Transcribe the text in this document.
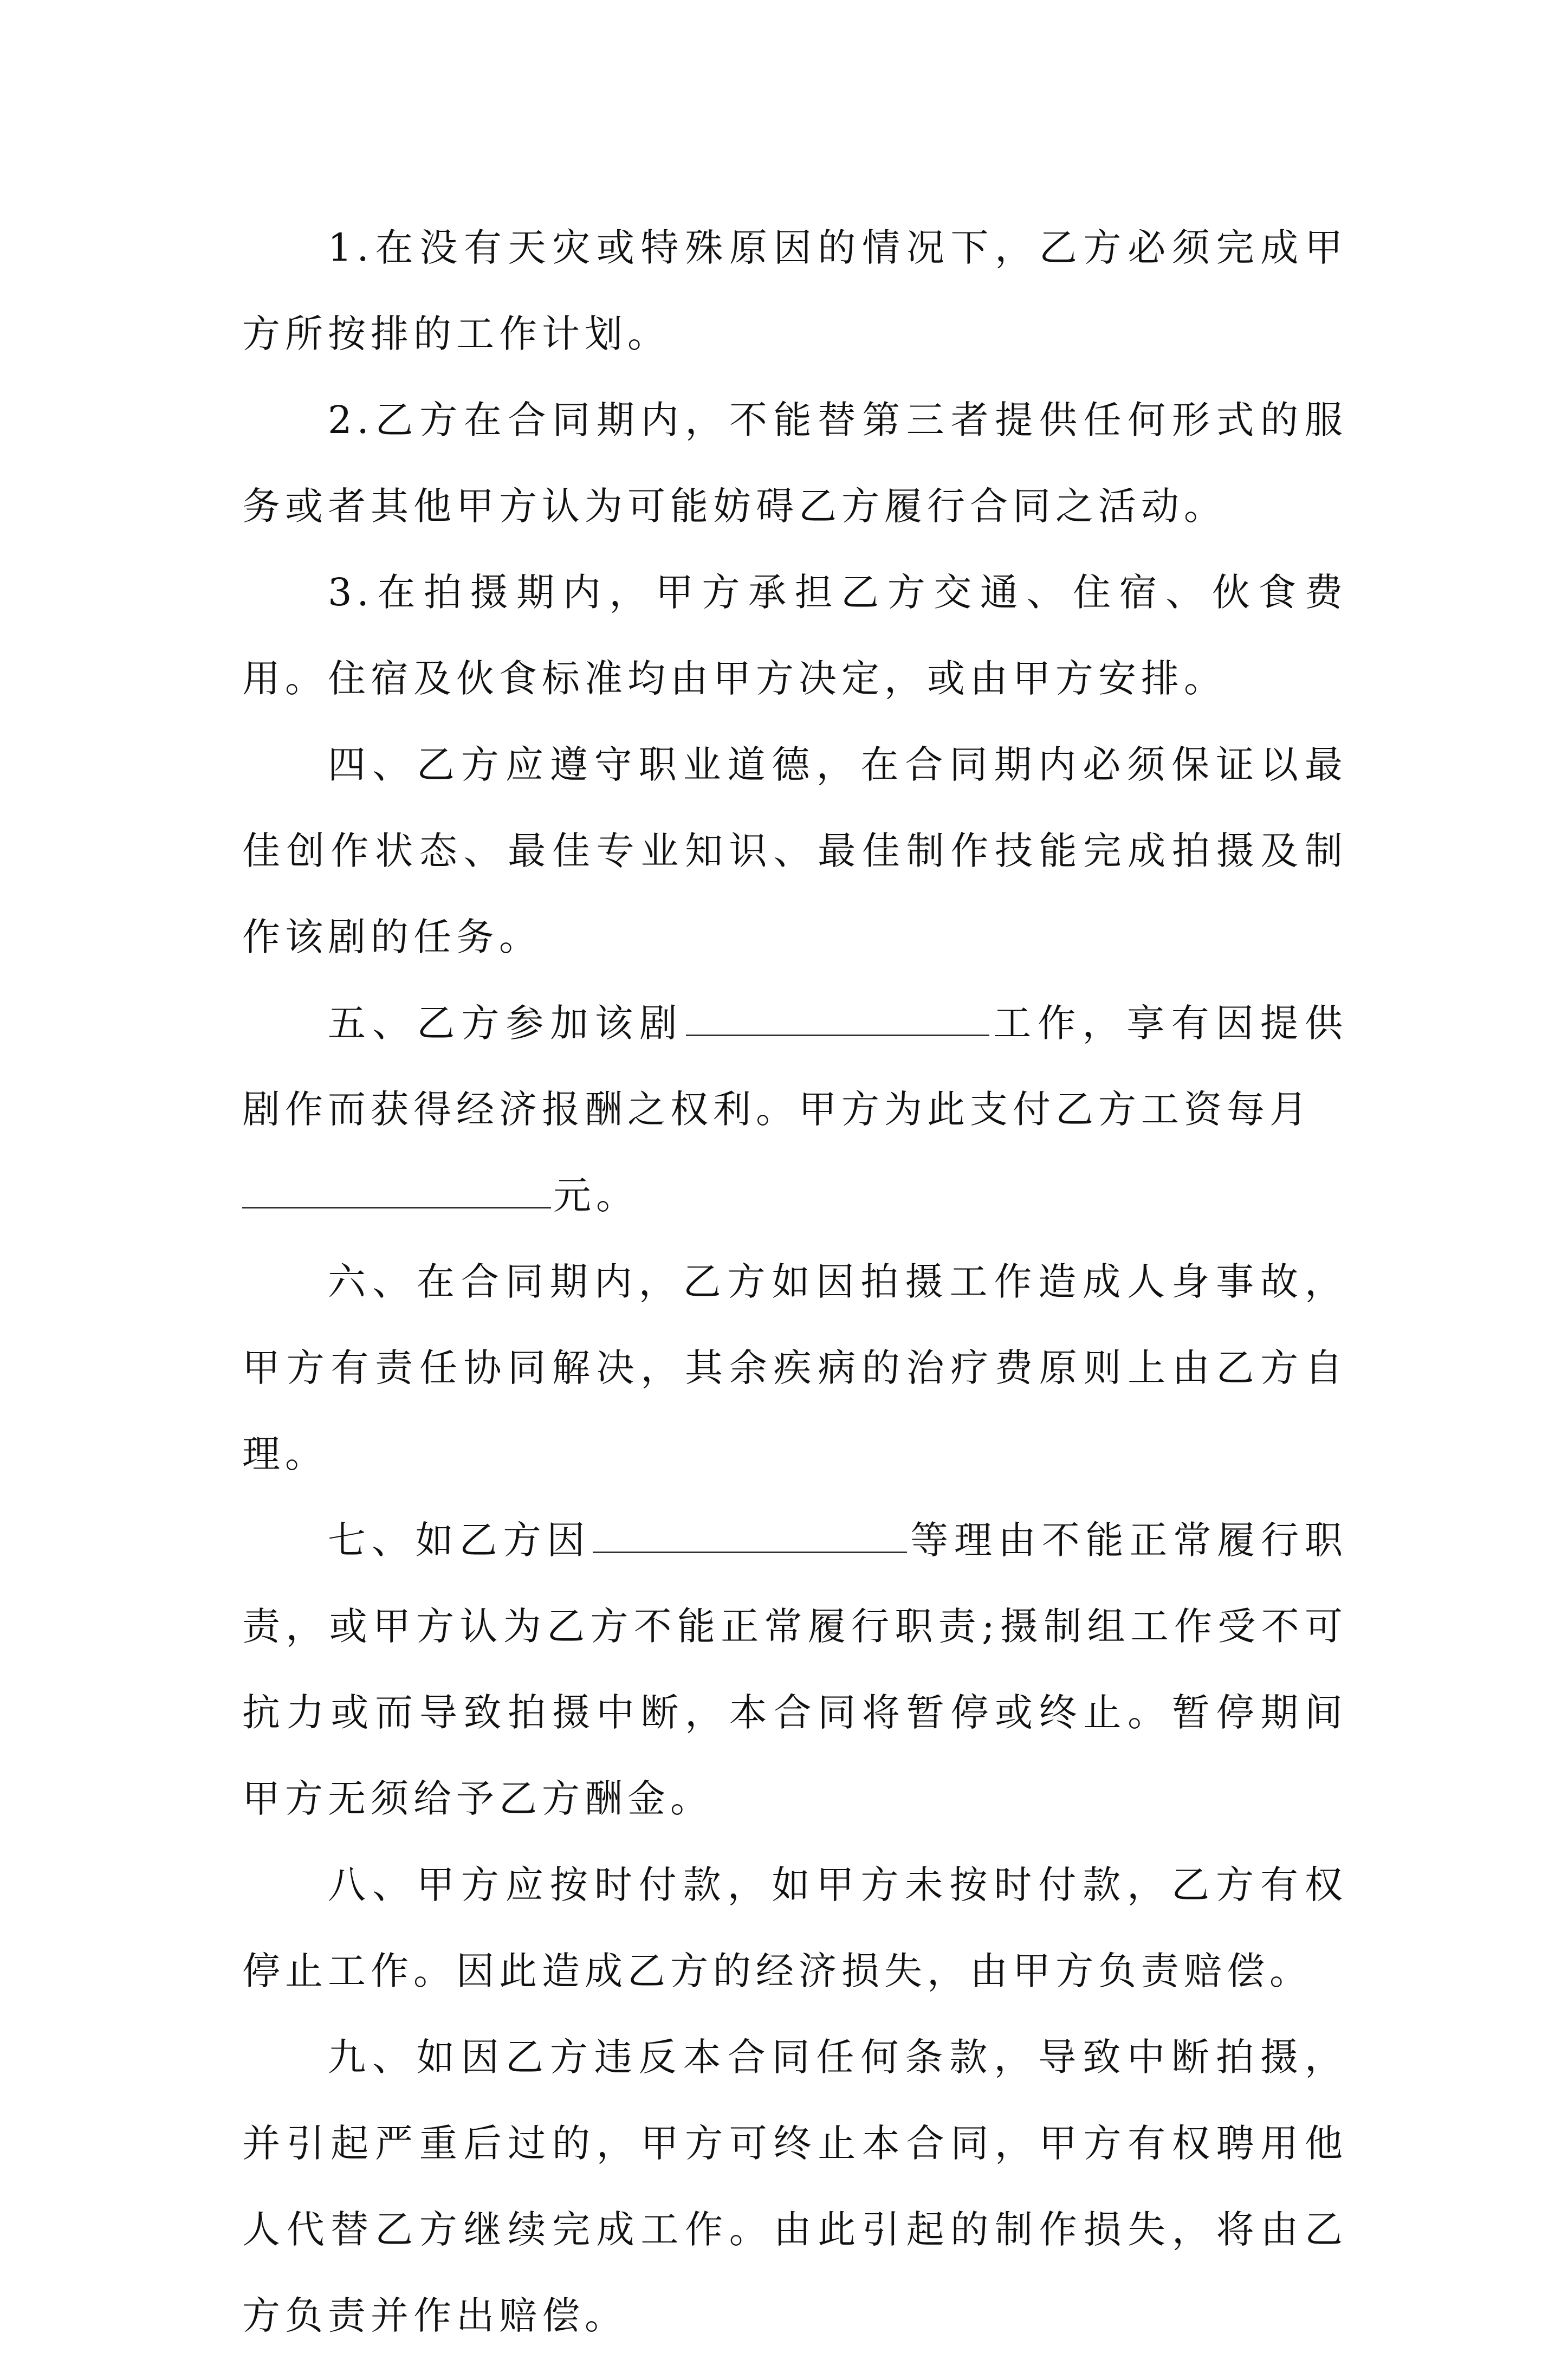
1.在没有天灾或特殊原因的情况下，乙方必须完成甲方所按排的工作计划。

2.乙方在合同期内，不能替第三者提供任何形式的服务或者其他甲方认为可能妨碍乙方履行合同之活动。

3.在拍摄期内，甲方承担乙方交通、住宿、伙食费用。住宿及伙食标准均由甲方决定，或由甲方安排。

四、乙方应遵守职业道德，在合同期内必须保证以最佳创作状态、最佳专业知识、最佳制作技能完成拍摄及制作该剧的任务。

五、乙方参加该剧	工作，享有因提供剧作而获得经济报酬之权利。甲方为此支付乙方工资每月
元。

六、在合同期内，乙方如因拍摄工作造成人身事故，甲方有责任协同解决，其余疾病的治疗费原则上由乙方自理。

七、如乙方因	等理由不能正常履行职责，或甲方认为乙方不能正常履行职责;摄制组工作受不可抗力或而导致拍摄中断，本合同将暂停或终止。暂停期间甲方无须给予乙方酬金。

八、甲方应按时付款，如甲方未按时付款，乙方有权停止工作。因此造成乙方的经济损失，由甲方负责赔偿。

九、如因乙方违反本合同任何条款，导致中断拍摄，并引起严重后过的，甲方可终止本合同，甲方有权聘用他人代替乙方继续完成工作。由此引起的制作损失，将由乙方负责并作出赔偿。
